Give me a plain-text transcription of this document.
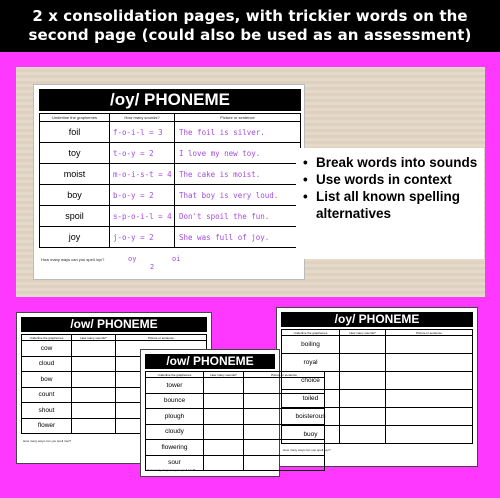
2 x consolidation pages, with trickier words on the
second page (could also be used as an assessment)
/oy/ PHONEME
Underline the graphemes	How many sounds?	Picture or sentence
foil	f-o-i-l = 3	The foil is silver.
toy	t-o-y = 2	I love my new toy.
moist	m-o-i-s-t = 4	The cake is moist.
boy	b-o-y = 2	That boy is very loud.
spoil	s-p-o-i-l = 4	Don't spoil the fun.
joy	j-o-y = 2	She was full of joy.
How many ways can you spell /oy/?	oy	oi
2
• Break words into sounds
• Use words in context
• List all known spelling alternatives
/ow/ PHONEME
Underline the graphemes	How many sounds?	Picture or sentence
cow		
cloud		
bow		
count		
shout		
flower		
How many ways can you spell /ow/?
/oy/ PHONEME
Underline the graphemes	How many sounds?	Picture or sentence
boiling		
royal		
choice		
toiled		
boisterous		
buoy		
How many ways can you spell /oy/?
/ow/ PHONEME
Underline the graphemes	How many sounds?	Picture or sentence
tower		
bounce		
plough		
cloudy		
flowering		
sour		
How many ways can you spell /ow/?
